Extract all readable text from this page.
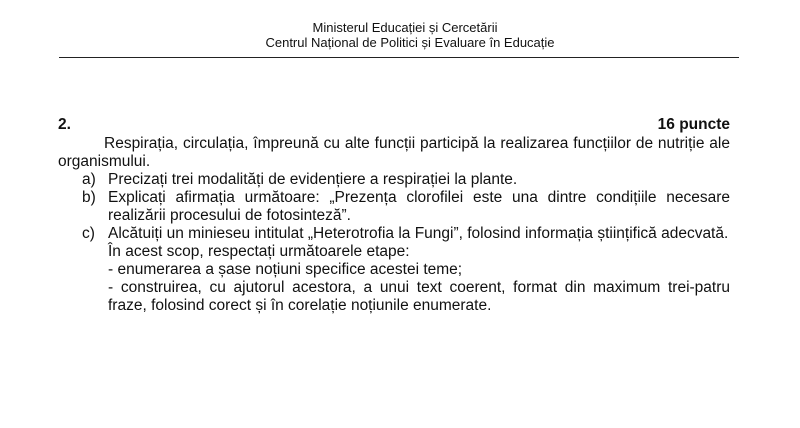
Ministerul Educației și Cercetării
Centrul Național de Politici și Evaluare în Educație
2.	16 puncte
Respirația, circulația, împreună cu alte funcții participă la realizarea funcțiilor de nutriție ale organismului.
a) Precizați trei modalități de evidențiere a respirației la plante.
b) Explicați afirmația următoare: „Prezența clorofilei este una dintre condițiile necesare realizării procesului de fotosinteză”.
c) Alcătuiți un minieseu intitulat „Heterotrofia la Fungi”, folosind informația științifică adecvată.
În acest scop, respectați următoarele etape:
- enumerarea a șase noțiuni specifice acestei teme;
- construirea, cu ajutorul acestora, a unui text coerent, format din maximum trei-patru fraze, folosind corect și în corelație noțiunile enumerate.
